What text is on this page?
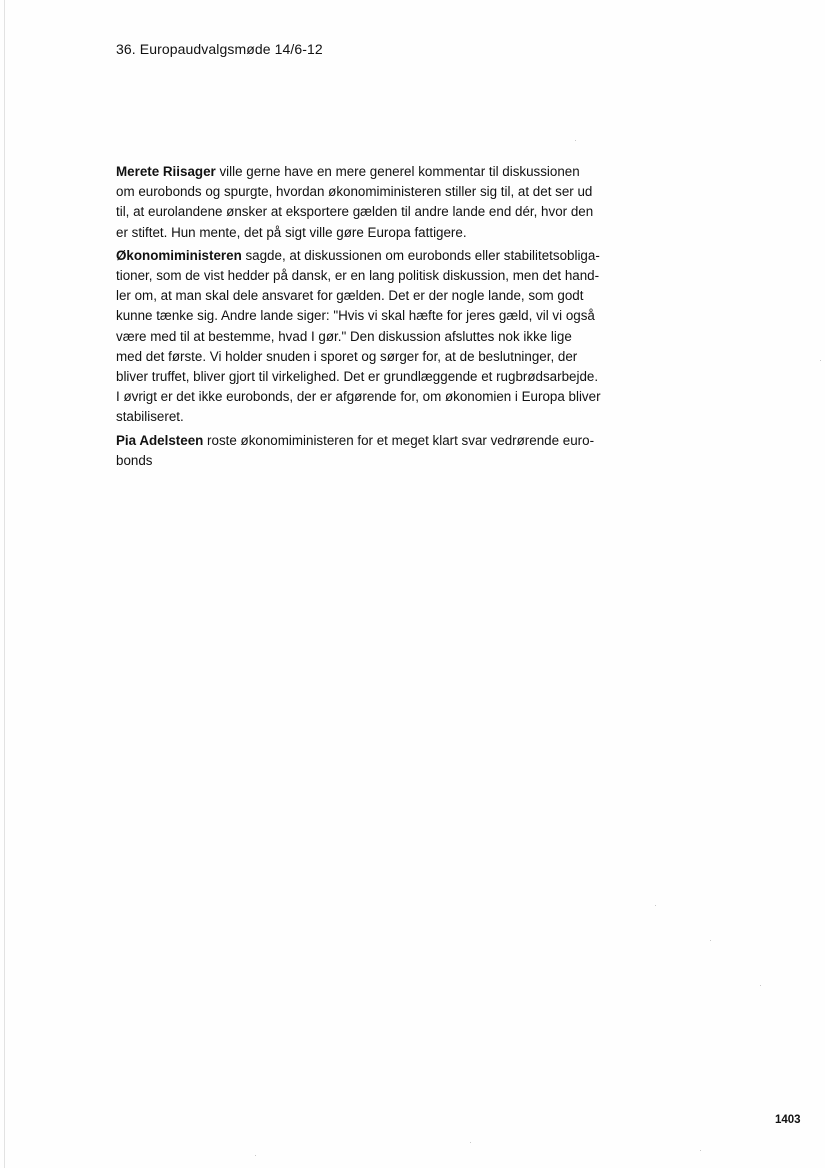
36. Europaudvalgsmøde 14/6-12

Merete Riisager ville gerne have en mere generel kommentar til diskussionen
om eurobonds og spurgte, hvordan økonomiministeren stiller sig til, at det ser ud
til, at eurolandene ønsker at eksportere gælden til andre lande end dér, hvor den
er stiftet. Hun mente, det på sigt ville gøre Europa fattigere.

Økonomiministeren sagde, at diskussionen om eurobonds eller stabilitetsobliga-
tioner, som de vist hedder på dansk, er en lang politisk diskussion, men det hand-
ler om, at man skal dele ansvaret for gælden. Det er der nogle lande, som godt
kunne tænke sig. Andre lande siger: "Hvis vi skal hæfte for jeres gæld, vil vi også
være med til at bestemme, hvad I gør." Den diskussion afsluttes nok ikke lige
med det første. Vi holder snuden i sporet og sørger for, at de beslutninger, der
bliver truffet, bliver gjort til virkelighed. Det er grundlæggende et rugbrødsarbejde.
I øvrigt er det ikke eurobonds, der er afgørende for, om økonomien i Europa bliver
stabiliseret.

Pia Adelsteen roste økonomiministeren for et meget klart svar vedrørende euro-
bonds

1403
